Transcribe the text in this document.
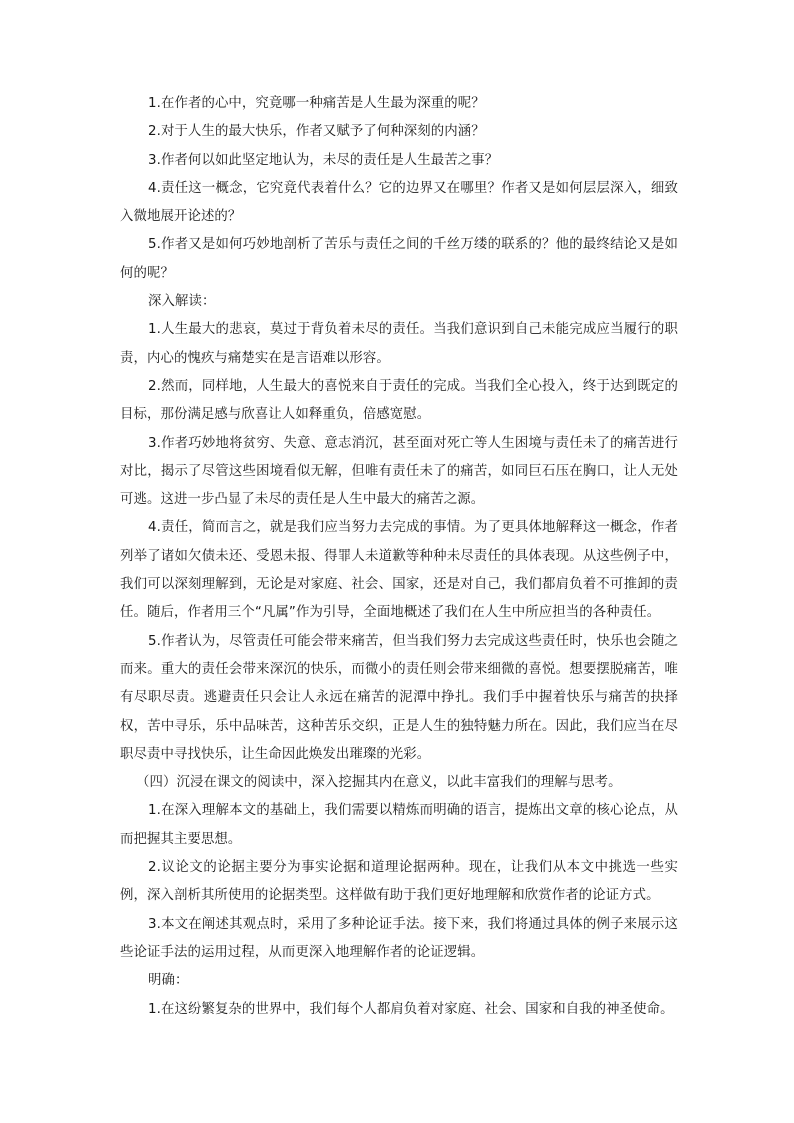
1.在作者的心中，究竟哪一种痛苦是人生最为深重的呢？

2.对于人生的最大快乐，作者又赋予了何种深刻的内涵？

3.作者何以如此坚定地认为，未尽的责任是人生最苦之事？

4.责任这一概念，它究竟代表着什么？它的边界又在哪里？作者又是如何层层深入，细致入微地展开论述的？

5.作者又是如何巧妙地剖析了苦乐与责任之间的千丝万缕的联系的？他的最终结论又是如何的呢？

深入解读：

1.人生最大的悲哀，莫过于背负着未尽的责任。当我们意识到自己未能完成应当履行的职责，内心的愧疚与痛楚实在是言语难以形容。

2.然而，同样地，人生最大的喜悦来自于责任的完成。当我们全心投入，终于达到既定的目标，那份满足感与欣喜让人如释重负，倍感宽慰。

3.作者巧妙地将贫穷、失意、意志消沉，甚至面对死亡等人生困境与责任未了的痛苦进行对比，揭示了尽管这些困境看似无解，但唯有责任未了的痛苦，如同巨石压在胸口，让人无处可逃。这进一步凸显了未尽的责任是人生中最大的痛苦之源。

4.责任，简而言之，就是我们应当努力去完成的事情。为了更具体地解释这一概念，作者列举了诸如欠债未还、受恩未报、得罪人未道歉等种种未尽责任的具体表现。从这些例子中，我们可以深刻理解到，无论是对家庭、社会、国家，还是对自己，我们都肩负着不可推卸的责任。随后，作者用三个“凡属”作为引导，全面地概述了我们在人生中所应担当的各种责任。

5.作者认为，尽管责任可能会带来痛苦，但当我们努力去完成这些责任时，快乐也会随之而来。重大的责任会带来深沉的快乐，而微小的责任则会带来细微的喜悦。想要摆脱痛苦，唯有尽职尽责。逃避责任只会让人永远在痛苦的泥潭中挣扎。我们手中握着快乐与痛苦的抉择权，苦中寻乐，乐中品味苦，这种苦乐交织，正是人生的独特魅力所在。因此，我们应当在尽职尽责中寻找快乐，让生命因此焕发出璀璨的光彩。

（四）沉浸在课文的阅读中，深入挖掘其内在意义，以此丰富我们的理解与思考。

1.在深入理解本文的基础上，我们需要以精炼而明确的语言，提炼出文章的核心论点，从而把握其主要思想。

2.议论文的论据主要分为事实论据和道理论据两种。现在，让我们从本文中挑选一些实例，深入剖析其所使用的论据类型。这样做有助于我们更好地理解和欣赏作者的论证方式。

3.本文在阐述其观点时，采用了多种论证手法。接下来，我们将通过具体的例子来展示这些论证手法的运用过程，从而更深入地理解作者的论证逻辑。

明确：

1.在这纷繁复杂的世界中，我们每个人都肩负着对家庭、社会、国家和自我的神圣使命。
